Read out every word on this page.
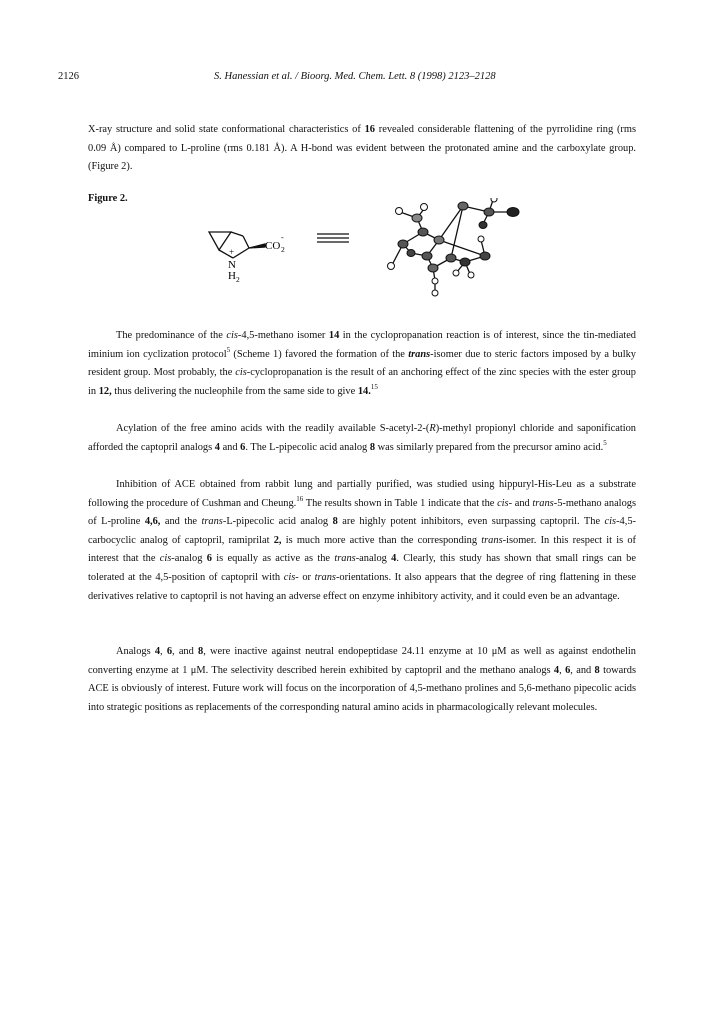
2126	S. Hanessian et al. / Bioorg. Med. Chem. Lett. 8 (1998) 2123–2128

X-ray structure and solid state conformational characteristics of 16 revealed considerable flattening of the pyrrolidine ring (rms 0.09 Å) compared to L-proline (rms 0.181 Å). A H-bond was evident between the protonated amine and the carboxylate group. (Figure 2).

Figure 2.
+
N
H 2
CO 2
-

The predominance of the cis-4,5-methano isomer 14 in the cyclopropanation reaction is of interest, since the tin-mediated iminium ion cyclization protocol$^5$ (Scheme 1) favored the formation of the trans-isomer due to steric factors imposed by a bulky resident group. Most probably, the cis-cyclopropanation is the result of an anchoring effect of the zinc species with the ester group in 12, thus delivering the nucleophile from the same side to give 14.15

Acylation of the free amino acids with the readily available S-acetyl-2-(R)-methyl propionyl chloride and saponification afforded the captopril analogs 4 and 6. The L-pipecolic acid analog 8 was similarly prepared from the precursor amino acid.$^5$

Inhibition of ACE obtained from rabbit lung and partially purified, was studied using hippuryl-His-Leu as a substrate following the procedure of Cushman and Cheung.$^{16}$ The results shown in Table 1 indicate that the cis- and trans-5-methano analogs of L-proline 4,6, and the trans-L-pipecolic acid analog 8 are highly potent inhibitors, even surpassing captopril. The cis-4,5-carbocyclic analog of captopril, ramiprilat 2, is much more active than the corresponding trans-isomer. In this respect it is of interest that the cis-analog 6 is equally as active as the trans-analog 4. Clearly, this study has shown that small rings can be tolerated at the 4,5-position of captopril with cis- or trans-orientations. It also appears that the degree of ring flattening in these derivatives relative to captopril is not having an adverse effect on enzyme inhibitory activity, and it could even be an advantage.

Analogs 4, 6, and 8, were inactive against neutral endopeptidase 24.11 enzyme at 10 μM as well as against endothelin converting enzyme at 1 μM. The selectivity described herein exhibited by captopril and the methano analogs 4, 6, and 8 towards ACE is obviously of interest. Future work will focus on the incorporation of 4,5-methano prolines and 5,6-methano pipecolic acids into strategic positions as replacements of the corresponding natural amino acids in pharmacologically relevant molecules.
